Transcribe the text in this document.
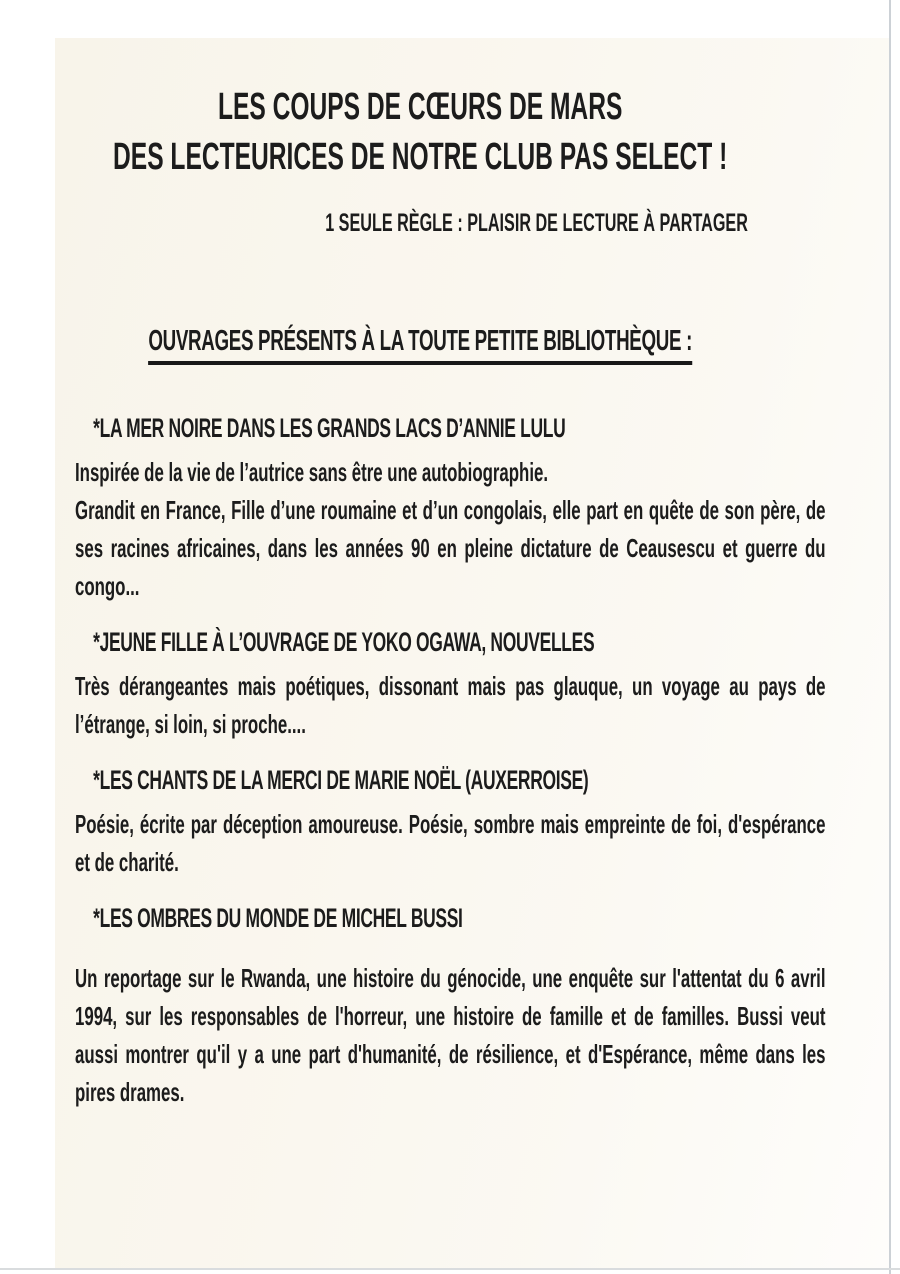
LES COUPS DE CŒURS DE MARS
DES LECTEURICES DE NOTRE CLUB PAS SELECT !
1 SEULE RÈGLE : PLAISIR DE LECTURE À PARTAGER
OUVRAGES PRÉSENTS À LA TOUTE PETITE BIBLIOTHÈQUE :
*LA MER NOIRE DANS LES GRANDS LACS D’ANNIE LULU

Inspirée de la vie de l’autrice sans être une autobiographie.

Grandit en France, Fille d’une roumaine et d’un congolais, elle part en quête de son père, de ses racines africaines, dans les années 90 en pleine dictature de Ceausescu et guerre du congo...

*JEUNE FILLE À L’OUVRAGE DE YOKO OGAWA, NOUVELLES

Très dérangeantes mais poétiques, dissonant mais pas glauque, un voyage au pays de l’étrange, si loin, si proche....

*LES CHANTS DE LA MERCI DE MARIE NOËL (AUXERROISE)

Poésie, écrite par déception amoureuse. Poésie, sombre mais empreinte de foi, d'espérance et de charité.

*LES OMBRES DU MONDE DE MICHEL BUSSI

Un reportage sur le Rwanda, une histoire du génocide, une enquête sur l'attentat du 6 avril 1994, sur les responsables de l'horreur, une histoire de famille et de familles. Bussi veut aussi montrer qu'il y a une part d'humanité, de résilience, et d'Espérance, même dans les pires drames.
